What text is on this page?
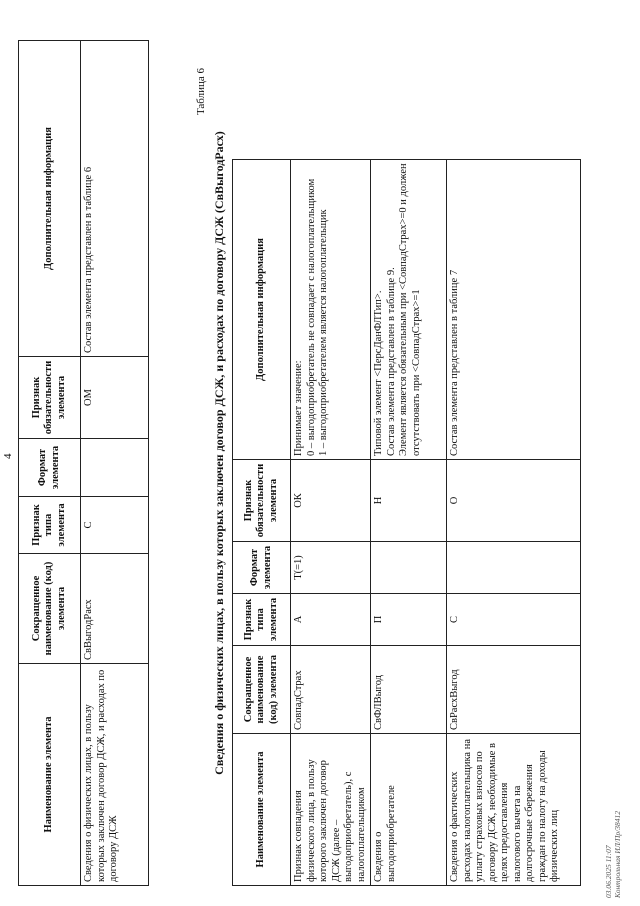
4
Наименование элемента	Сокращенное наименование (код) элемента	Признак типа элемента	Формат элемента	Признак обязательности элемента	Дополнительная информация
Сведения о физических лицах, в пользу которых заключен договор ДСЖ, и расходах по договору ДСЖ	СвВыгодРасх	С		ОМ	Состав элемента представлен в таблице 6
Таблица 6
Сведения о физических лицах, в пользу которых заключен договор ДСЖ, и расходах по договору ДСЖ (СвВыгодРасх)
Наименование элемента	Сокращенное наименование (код) элемента	Признак типа элемента	Формат элемента	Признак обязательности элемента	Дополнительная информация
Признак совпадения физического лица, в пользу которого заключен договор ДСЖ (далее – выгодоприобретатель), с налогоплательщиком	СовпадСтрах	А	T(=1)	ОК	Принимает значение: 0 – выгодоприобретатель не совпадает с налогоплательщиком 1 – выгодоприобретателем является налогоплательщик

Сведения о выгодоприобретателе	СвФЛВыгод	П		Н	Типовой элемент <ПерсДанФЛТип>. Состав элемента представлен в таблице 9. Элемент является обязательным при <СовпадСтрах>=0 и должен отсутствовать при <СовпадСтрах>=1

Сведения о фактических расходах налогоплательщика на уплату страховых взносов по договору ДСЖ, необходимые в целях предоставления налогового вычета на долгосрочные сбережения граждан по налогу на доходы физических лиц	СвРасхВыгод	С		О	Состав элемента представлен в таблице 7
03.06.2025 11:07 Контрольная ИЛ/Пр/38412
